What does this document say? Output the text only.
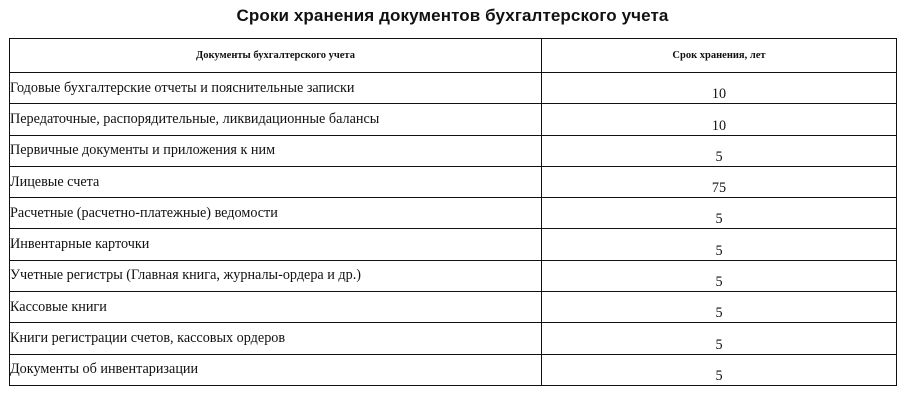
Сроки хранения документов бухгалтерского учета
Документы бухгалтерского учета	Срок хранения, лет
Годовые бухгалтерские отчеты и пояснительные записки	10
Передаточные, распорядительные, ликвидационные балансы	10
Первичные документы и приложения к ним	5
Лицевые счета	75
Расчетные (расчетно-платежные) ведомости	5
Инвентарные карточки	5
Учетные регистры (Главная книга, журналы-ордера и др.)	5
Кассовые книги	5
Книги регистрации счетов, кассовых ордеров	5
Документы об инвентаризации	5
